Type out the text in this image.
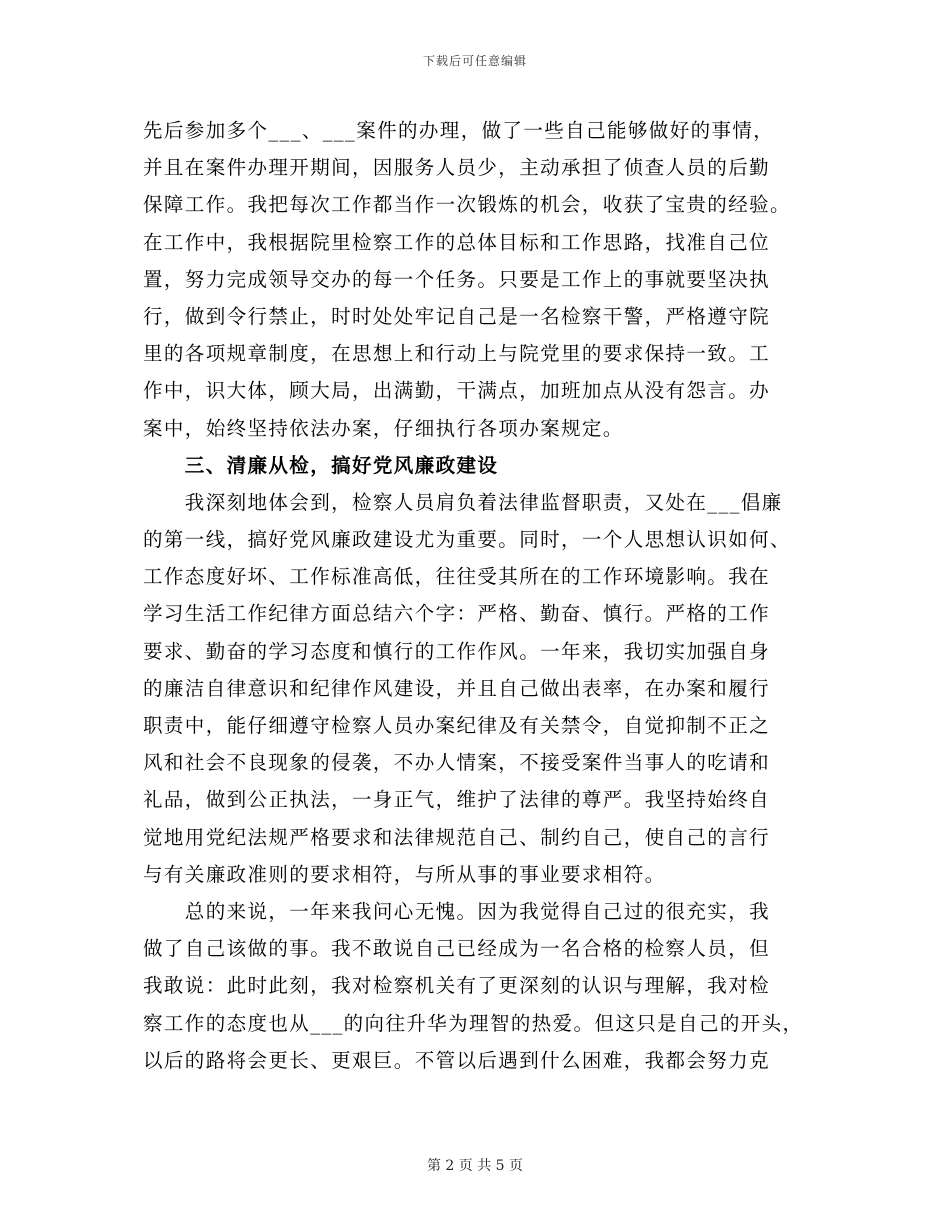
下载后可任意编辑
先后参加多个___、___案件的办理，做了一些自己能够做好的事情，
并且在案件办理开期间，因服务人员少，主动承担了侦查人员的后勤
保障工作。我把每次工作都当作一次锻炼的机会，收获了宝贵的经验。
在工作中，我根据院里检察工作的总体目标和工作思路，找准自己位
置，努力完成领导交办的每一个任务。只要是工作上的事就要坚决执
行，做到令行禁止，时时处处牢记自己是一名检察干警，严格遵守院
里的各项规章制度，在思想上和行动上与院党里的要求保持一致。工
作中，识大体，顾大局，出满勤，干满点，加班加点从没有怨言。办
案中，始终坚持依法办案，仔细执行各项办案规定。
　　三、清廉从检，搞好党风廉政建设
　　我深刻地体会到，检察人员肩负着法律监督职责，又处在___倡廉
的第一线，搞好党风廉政建设尤为重要。同时，一个人思想认识如何、
工作态度好坏、工作标准高低，往往受其所在的工作环境影响。我在
学习生活工作纪律方面总结六个字：严格、勤奋、慎行。严格的工作
要求、勤奋的学习态度和慎行的工作作风。一年来，我切实加强自身
的廉洁自律意识和纪律作风建设，并且自己做出表率，在办案和履行
职责中，能仔细遵守检察人员办案纪律及有关禁令，自觉抑制不正之
风和社会不良现象的侵袭，不办人情案，不接受案件当事人的吃请和
礼品，做到公正执法，一身正气，维护了法律的尊严。我坚持始终自
觉地用党纪法规严格要求和法律规范自己、制约自己，使自己的言行
与有关廉政准则的要求相符，与所从事的事业要求相符。
　　总的来说，一年来我问心无愧。因为我觉得自己过的很充实，我
做了自己该做的事。我不敢说自己已经成为一名合格的检察人员，但
我敢说：此时此刻，我对检察机关有了更深刻的认识与理解，我对检
察工作的态度也从___的向往升华为理智的热爱。但这只是自己的开头，
以后的路将会更长、更艰巨。不管以后遇到什么困难，我都会努力克
第 2 页 共 5 页
